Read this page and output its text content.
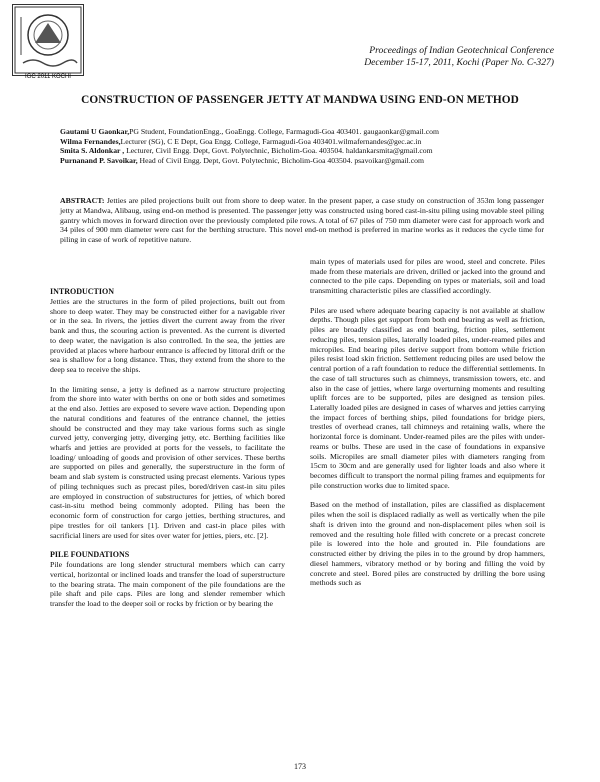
IGC 2011 KOCHI
Proceedings of Indian Geotechnical Conference
December 15-17, 2011, Kochi (Paper No. C-327)
CONSTRUCTION OF PASSENGER JETTY AT MANDWA USING END-ON METHOD
Gautami U Gaonkar,PG Student, FoundationEngg., GoaEngg. College, Farmagudi-Goa 403401. gaugaonkar@gmail.com
Wilma Fernandes,Lecturer (SG), C E Dept, Goa Engg. College, Farmagudi-Goa 403401.wilmafernandes@gec.ac.in
Smita S. Aldonkar , Lecturer, Civil Engg. Dept, Govt. Polytechnic, Bicholim-Goa. 403504. haldankarsmita@gmail.com
Purnanand P. Savoikar, Head of Civil Engg. Dept, Govt. Polytechnic, Bicholim-Goa 403504. psavoikar@gmail.com
ABSTRACT: Jetties are piled projections built out from shore to deep water. In the present paper, a case study on construction of 353m long passenger jetty at Mandwa, Alibaug, using end-on method is presented. The passenger jetty was constructed using bored cast-in-situ piling using movable steel piling gantry which moves in forward direction over the previously completed pile rows. A total of 67 piles of 750 mm diameter were cast for approach work and 34 piles of 900 mm diameter were cast for the berthing structure. This novel end-on method is preferred in marine works as it reduces the cycle time for piling in case of work of repetitive nature.
INTRODUCTION

Jetties are the structures in the form of piled projections, built out from shore to deep water. They may be constructed either for a navigable river or in the sea. In rivers, the jetties divert the current away from the river bank and thus, the scouring action is prevented. As the current is diverted to deep water, the navigation is also controlled. In the sea, the jetties are provided at places where harbour entrance is affected by littoral drift or the sea is shallow for a long distance. Thus, they extend from the shore to the deep sea to receive the ships.

In the limiting sense, a jetty is defined as a narrow structure projecting from the shore into water with berths on one or both sides and sometimes at the end also. Jetties are exposed to severe wave action. Depending upon the natural conditions and features of the entrance channel, the jetties should be constructed and they may take various forms such as single curved jetty, converging jetty, diverging jetty, etc. Berthing facilities like wharfs and jetties are provided at ports for the vessels, to facilitate the loading/ unloading of goods and provision of other services. These berths are supported on piles and generally, the superstructure in the form of beam and slab system is constructed using precast elements. Various types of piling techniques such as precast piles, bored/driven cast-in situ piles are employed in construction of substructures for jetties, of which bored cast-in-situ method being commonly adopted. Piling has been the economic form of construction for cargo jetties, berthing structures, and pipe trestles for oil tankers [1]. Driven and cast-in place piles with sacrificial liners are used for sites over water for jetties, piers, etc. [2].

PILE FOUNDATIONS

Pile foundations are long slender structural members which can carry vertical, horizontal or inclined loads and transfer the load of superstructure to the bearing strata. The main component of the pile foundations are the pile shaft and pile caps. Piles are long and slender remember which transfer the load to the deeper soil or rocks by friction or by bearing the

main types of materials used for piles are wood, steel and concrete. Piles made from these materials are driven, drilled or jacked into the ground and connected to the pile caps. Depending on types or materials, soil and load transmitting characteristic piles are classified accordingly.

Piles are used where adequate bearing capacity is not available at shallow depths. Though piles get support from both end bearing as well as friction, piles are broadly classified as end bearing, friction piles, settlement reducing piles, tension piles, laterally loaded piles, under-reamed piles and micropiles. End bearing piles derive support from bottom while friction piles resist load skin friction. Settlement reducing piles are used below the central portion of a raft foundation to reduce the differential settlements. In the case of tall structures such as chimneys, transmission towers, etc. and also in the case of jetties, where large overturning moments and resulting uplift forces are to be supported, piles are designed as tension piles. Laterally loaded piles are designed in cases of wharves and jetties carrying the impact forces of berthing ships, piled foundations for bridge piers, trestles of overhead cranes, tall chimneys and retaining walls, where the horizontal force is dominant. Under-reamed piles are the piles with under-reams or bulbs. These are used in the case of foundations in expansive soils. Micropiles are small diameter piles with diameters ranging from 15cm to 30cm and are generally used for lighter loads and also where it becomes difficult to transport the normal piling frames and equipments for pile construction works due to limited space.

Based on the method of installation, piles are classified as displacement piles when the soil is displaced radially as well as vertically when the pile shaft is driven into the ground and non-displacement piles when soil is removed and the resulting hole filled with concrete or a precast concrete pile is lowered into the hole and grouted in. Pile foundations are constructed either by driving the piles in to the ground by drop hammers, diesel hammers, vibratory method or by boring and filling the void by concrete and steel. Bored piles are constructed by drilling the bore using methods such as

173
